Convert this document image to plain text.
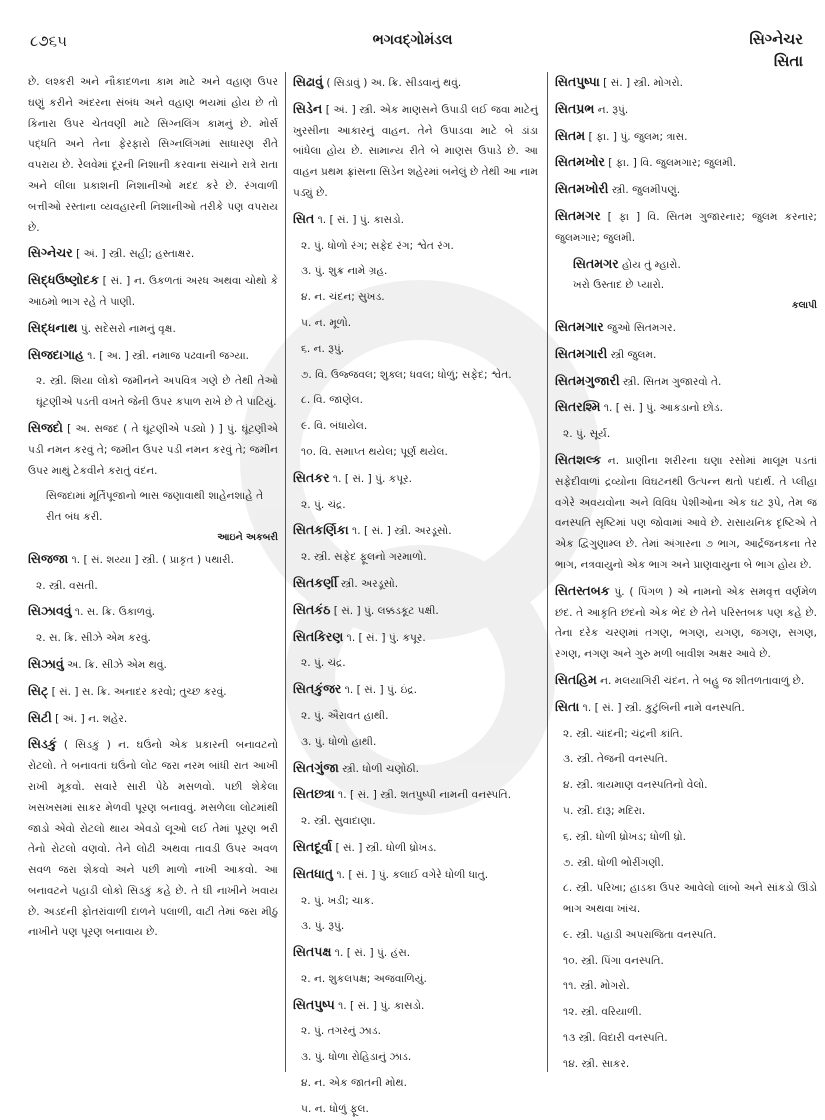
૮૭૬૫	ભગવદ્ગોમંડલ	સિગ્નેચર
સિતા
છે. લશ્કરી અને નૌકાદળના કામ માટે અને વહાણ ઉપર ઘણું કરીને અંદરના સંબંધ અને વહાણ ભયમાં હોય છે તો કિનારા ઉપર ચેતવણી માટે સિગ્નલિંગ કામનું છે. મોર્સ પદ્ધતિ અને તેના ફેરફારો સિગ્નલિંગમાં સાધારણ રીતે વપરાય છે. રેલવેમાં દૂરની નિશાની કરવાના સંચાને રાત્રે રાતા અને લીલા પ્રકાશની નિશાનીઓ મદદ કરે છે. રંગવાળી બત્તીઓ રસ્તાના વ્યવહારની નિશાનીઓ તરીકે પણ વપરાય છે.
સિગ્નેચર [ અં. ] સ્ત્રી. સહી; હસ્તાક્ષર.
સિદ્ધઉષ્ણોદક [ સં. ] ન. ઉકળતાં અરધ અથવા ચોથો કે આઠમો ભાગ રહે તે પાણી.
સિદ્ધનાથ પું. સદેસરો નામનું વૃક્ષ.
સિજદાગાહ ૧. [ અ. ] સ્ત્રી. નમાજ પઢવાની જગ્યા.
૨. સ્ત્રી. શિયા લોકો જમીનને અપવિત્ર ગણે છે તેથી તેઓ ઘૂંટણીએ પડતી વખતે જેની ઉપર કપાળ રાખે છે તે પાટિયું.
સિજદો [ અ. સજદ ( તે ઘૂંટણીએ પડ્યો ) ] પું. ઘૂંટણીએ પડી નમન કરવું તે; જમીન ઉપર પડી નમન કરવું તે; જમીન ઉપર માથું ટેકવીને કરાતું વંદન.
સિજદામાં મૂર્તિપૂજાનો ભાસ જણાવાથી શાહેનશાહે તે રીત બંધ કરી.
આઇને અકબરી
સિજજા ૧. [ સં. શય્યા ] સ્ત્રી. ( પ્રાકૃત ) પથારી.
૨. સ્ત્રી. વસતી.
સિઝાવવું ૧. સ. ક્રિ. ઉકાળવું.
૨. સ. ક્રિ. સીઝે એમ કરવું.
સિઝાવું અ. ક્રિ. સીઝે એમ થવું.
સિટ્ [ સં. ] સ. ક્રિ. અનાદર કરવો; તુચ્છ કરવું.
સિટી [ અં. ] ન. શહેર.
સિડકું ( સિડકું ) ન. ઘઉંનો એક પ્રકારની બનાવટનો રોટલો. તે બનાવતાં ઘઉંનો લોટ જરા નરમ બાંધી રાત આખી રાખી મૂકવો. સવારે સારી પેઠે મસળવો. પછી શેકેલા ખસખસમાં સાકર મેળવી પૂરણ બનાવવું. મસળેલા લોટમાંથી જાડો એવો રોટલો થાય એવડો લૂઓ લઈ તેમાં પૂરણ ભરી તેનો રોટલો વણવો. તેને લોઢી અથવા તાવડી ઉપર અવળ સવળ જરા શેકવો અને પછી માળો નાખી આકવો. આ બનાવટને પહાડી લોકો સિડકું કહે છે. તે ઘી નાખીને ખવાય છે. અડદની ફોતરાંવાળી દાળને પલાળી, વાટી તેમાં જરા મીઠું નાખીને પણ પૂરણ બનાવાય છે.
સિઢાવું ( સિડાવું ) અ. ક્રિ. સીડવાનું થવું.
સિડેન [ અં. ] સ્ત્રી. એક માણસને ઉપાડી લઈ જવા માટેનું ખુરસીના આકારનું વાહન. તેને ઉપાડવા માટે બે ડાંડા બાંધેલા હોય છે. સામાન્ય રીતે બે માણસ ઉપાડે છે. આ વાહન પ્રથમ ફ્રાંસના સિડેન શહેરમાં બનેલું છે તેથી આ નામ પડ્યું છે.
સિત ૧. [ સં. ] પું. કાસડો.
૨. પું. ધોળો રંગ; સફેદ રંગ; શ્વેત રંગ.
૩. પું. શુક્ર નામે ગ્રહ.
૪. ન. ચંદન; સુખડ.
૫. ન. મૂળો.
૬. ન. રૂપું.
૭. વિ. ઉજ્જવલ; શુક્લ; ધવલ; ધોળું; સફેદ; શ્વેત.
૮. વિ. જાણેલ.
૯. વિ. બંધાયેલ.
૧૦. વિ. સમાપ્ત થયેલ; પૂર્ણ થયેલ.
સિતકર ૧. [ સં. ] પું. કપૂર.
૨. પું. ચંદ્ર.
સિતકર્ણિકા ૧. [ સં. ] સ્ત્રી. અરડૂસો.
૨. સ્ત્રી. સફેદ ફૂલનો ગરમાળો.
સિતકર્ણી સ્ત્રી. અરડૂસો.
સિતકંઠ [ સં. ] પું. લક્કડકૂટ પક્ષી.
સિતકિરણ ૧. [ સં. ] પું. કપૂર.
૨. પું. ચંદ્ર.
સિતકુંજર ૧. [ સં. ] પું. ઇંદ્ર.
૨. પું. ઐરાવત હાથી.
૩. પું. ધોળો હાથી.
સિતગુંજા સ્ત્રી. ધોળી ચણોઠી.
સિતછત્રા ૧. [ સં. ] સ્ત્રી. શતપુષ્પી નામની વનસ્પતિ.
૨. સ્ત્રી. સુવાદાણા.
સિતદૂર્વા [ સં. ] સ્ત્રી. ધોળી ધ્રોખડ.
સિતધાતુ ૧. [ સં. ] પું. કલાઈ વગેરે ધોળી ધાતુ.
૨. પું. ખડી; ચાક.
૩. પું. રૂપું.
સિતપક્ષ ૧. [ સં. ] પું. હંસ.
૨. ન. શુકલપક્ષ; અજવાળિયું.
સિતપુષ્પ ૧. [ સં. ] પું. કાસડો.
૨. પું. તગરનું ઝાડ.
૩. પું. ધોળા રોહિડાનું ઝાડ.
૪. ન. એક જાતની મોથ.
૫. ન. ધોળું ફૂલ.
સિતપુષ્પા [ સં. ] સ્ત્રી. મોગરો.
સિતપ્રભ ન. રૂપું.
સિતમ [ ફા. ] પું. જુલમ; ત્રાસ.
સિતમખોર [ ફા. ] વિ. જુલમગાર; જુલમી.
સિતમખોરી સ્ત્રી. જુલમીપણું.
સિતમગર [ ફા ] વિ. સિતમ ગુજારનાર; જુલમ કરનાર; જુલમગાર; જુલમી.
સિતમગર હોય તું મ્હારો.
ખરો ઉસ્તાદ છે પ્યારો.
કલાપી
સિતમગાર જુઓ સિતમગર.
સિતમગારી સ્ત્રી જુલમ.
સિતમગુજારી સ્ત્રી. સિતમ ગુજારવો તે.
સિતરશ્મિ ૧. [ સં. ] પું. આકડાનો છોડ.
૨. પું. સૂર્ય.
સિતશલ્ક ન. પ્રાણીના શરીરના ઘણા રસોમાં માલૂમ પડતાં સફેદીવાળાં દ્રવ્યોના વિઘટનથી ઉત્પન્ન થતો પદાર્થ. તે પ્લીહા વગેરે અવયવોના અને વિવિધ પેશીઓના એક ઘટ રૂપે, તેમ જ વનસ્પતિ સૃષ્ટિમાં પણ જોવામાં આવે છે. રાસાયનિક દૃષ્ટિએ તે એક દ્વિગુણામ્લ છે. તેમાં અંગારના ૭ ભાગ, આર્દ્રજનકના તેર ભાગ, નત્રવાયુનો એક ભાગ અને પ્રાણવાયુના બે ભાગ હોય છે.
સિતસ્તબક પું. ( પિંગળ ) એ નામનો એક સમવૃત્ત વર્ણમેળ છંદ. તે આકૃતિ છંદનો એક ભેદ છે તેને પરિસ્તબક પણ કહે છે. તેના દરેક ચરણમાં તગણ, ભગણ, યગણ, જગણ, સગણ, રગણ, નગણ અને ગુરુ મળી બાવીશ અક્ષર આવે છે.
સિતહિમ ન. મલયાગિરી ચંદન. તે બહુ જ શીતળતાવાળું છે.
સિતા ૧. [ સં. ] સ્ત્રી. કુટુંબિની નામે વનસ્પતિ.
૨. સ્ત્રી. ચાંદની; ચંદ્રની કાંતિ.
૩. સ્ત્રી. તેજની વનસ્પતિ.
૪. સ્ત્રી. ત્રાયમાણ વનસ્પતિનો વેલો.
૫. સ્ત્રી. દારૂ; મદિરા.
૬. સ્ત્રી. ધોળી ધ્રોખડ; ધોળી ધ્રો.
૭. સ્ત્રી. ધોળી ભોરીંગણી.
૮. સ્ત્રી. પરિખા; હાડકા ઉપર આવેલો લાંબો અને સાંકડો ઊંડો ભાગ અથવા ખાંચ.
૯. સ્ત્રી. પહાડી અપરાજિતા વનસ્પતિ.
૧૦. સ્ત્રી. પિંગા વનસ્પતિ.
૧૧. સ્ત્રી. મોગરો.
૧૨. સ્ત્રી. વરિયાળી.
૧૩ સ્ત્રી. વિદારી વનસ્પતિ.
૧૪. સ્ત્રી. સાકર.
